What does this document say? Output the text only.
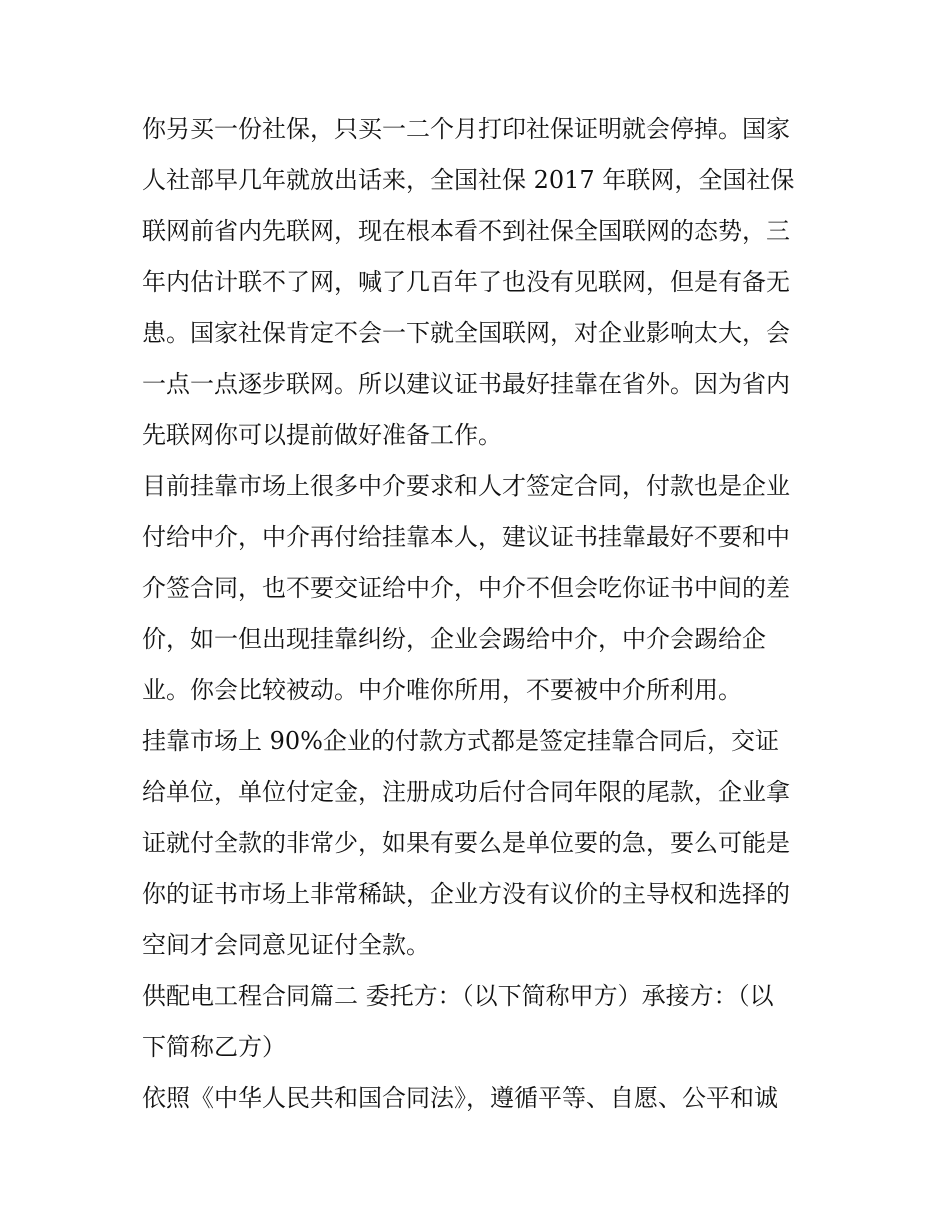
你另买一份社保，只买一二个月打印社保证明就会停掉。国家
人社部早几年就放出话来，全国社保 2017 年联网，全国社保
联网前省内先联网，现在根本看不到社保全国联网的态势，三
年内估计联不了网，喊了几百年了也没有见联网，但是有备无
患。国家社保肯定不会一下就全国联网，对企业影响太大，会
一点一点逐步联网。所以建议证书最好挂靠在省外。因为省内
先联网你可以提前做好准备工作。
目前挂靠市场上很多中介要求和人才签定合同，付款也是企业
付给中介，中介再付给挂靠本人，建议证书挂靠最好不要和中
介签合同，也不要交证给中介，中介不但会吃你证书中间的差
价，如一但出现挂靠纠纷，企业会踢给中介，中介会踢给企
业。你会比较被动。中介唯你所用，不要被中介所利用。
挂靠市场上 90%企业的付款方式都是签定挂靠合同后，交证
给单位，单位付定金，注册成功后付合同年限的尾款，企业拿
证就付全款的非常少，如果有要么是单位要的急，要么可能是
你的证书市场上非常稀缺，企业方没有议价的主导权和选择的
空间才会同意见证付全款。
供配电工程合同篇二 委托方：（以下简称甲方）承接方：（以
下简称乙方）
依照《中华人民共和国合同法》，遵循平等、自愿、公平和诚
